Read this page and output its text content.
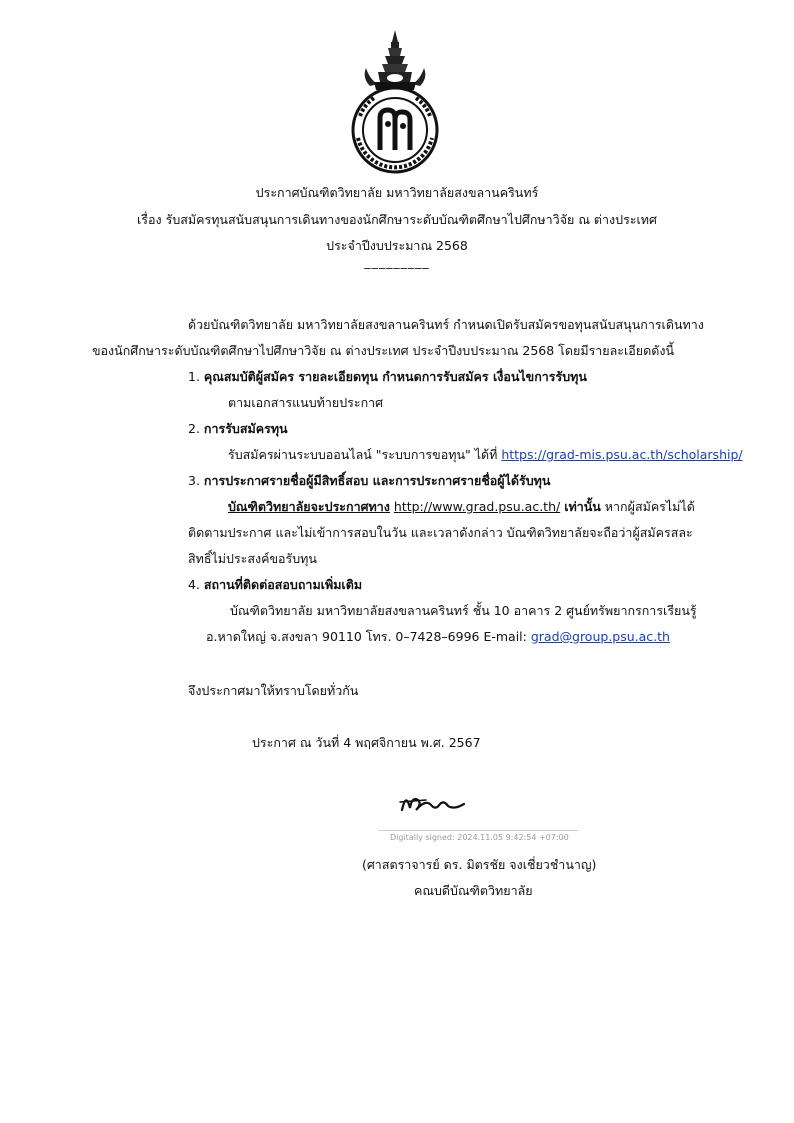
ประกาศบัณฑิตวิทยาลัย มหาวิทยาลัยสงขลานครินทร์
เรื่อง รับสมัครทุนสนับสนุนการเดินทางของนักศึกษาระดับบัณฑิตศึกษาไปศึกษาวิจัย ณ ต่างประเทศ
ประจำปีงบประมาณ 2568
_________
ด้วยบัณฑิตวิทยาลัย มหาวิทยาลัยสงขลานครินทร์ กำหนดเปิดรับสมัครขอทุนสนับสนุนการเดินทาง
ของนักศึกษาระดับบัณฑิตศึกษาไปศึกษาวิจัย ณ ต่างประเทศ ประจำปีงบประมาณ 2568 โดยมีรายละเอียดดังนี้
1. คุณสมบัติผู้สมัคร รายละเอียดทุน กำหนดการรับสมัคร เงื่อนไขการรับทุน
ตามเอกสารแนบท้ายประกาศ
2. การรับสมัครทุน
รับสมัครผ่านระบบออนไลน์ "ระบบการขอทุน" ได้ที่ https://grad-mis.psu.ac.th/scholarship/
3. การประกาศรายชื่อผู้มีสิทธิ์สอบ และการประกาศรายชื่อผู้ได้รับทุน
บัณฑิตวิทยาลัยจะประกาศทาง http://www.grad.psu.ac.th/ เท่านั้น หากผู้สมัครไม่ได้
ติดตามประกาศ และไม่เข้าการสอบในวัน และเวลาดังกล่าว บัณฑิตวิทยาลัยจะถือว่าผู้สมัครสละ
สิทธิ์ไม่ประสงค์ขอรับทุน
4. สถานที่ติดต่อสอบถามเพิ่มเติม
บัณฑิตวิทยาลัย มหาวิทยาลัยสงขลานครินทร์ ชั้น 10 อาคาร 2 ศูนย์ทรัพยากรการเรียนรู้
อ.หาดใหญ่ จ.สงขลา 90110 โทร. 0–7428–6996 E-mail: grad@group.psu.ac.th
จึงประกาศมาให้ทราบโดยทั่วกัน
ประกาศ ณ วันที่ 4 พฤศจิกายน พ.ศ. 2567
Digitally signed: 2024.11.05 9:42:54 +07:00
(ศาสตราจารย์ ดร. มิตรชัย จงเชี่ยวชำนาญ)
คณบดีบัณฑิตวิทยาลัย
